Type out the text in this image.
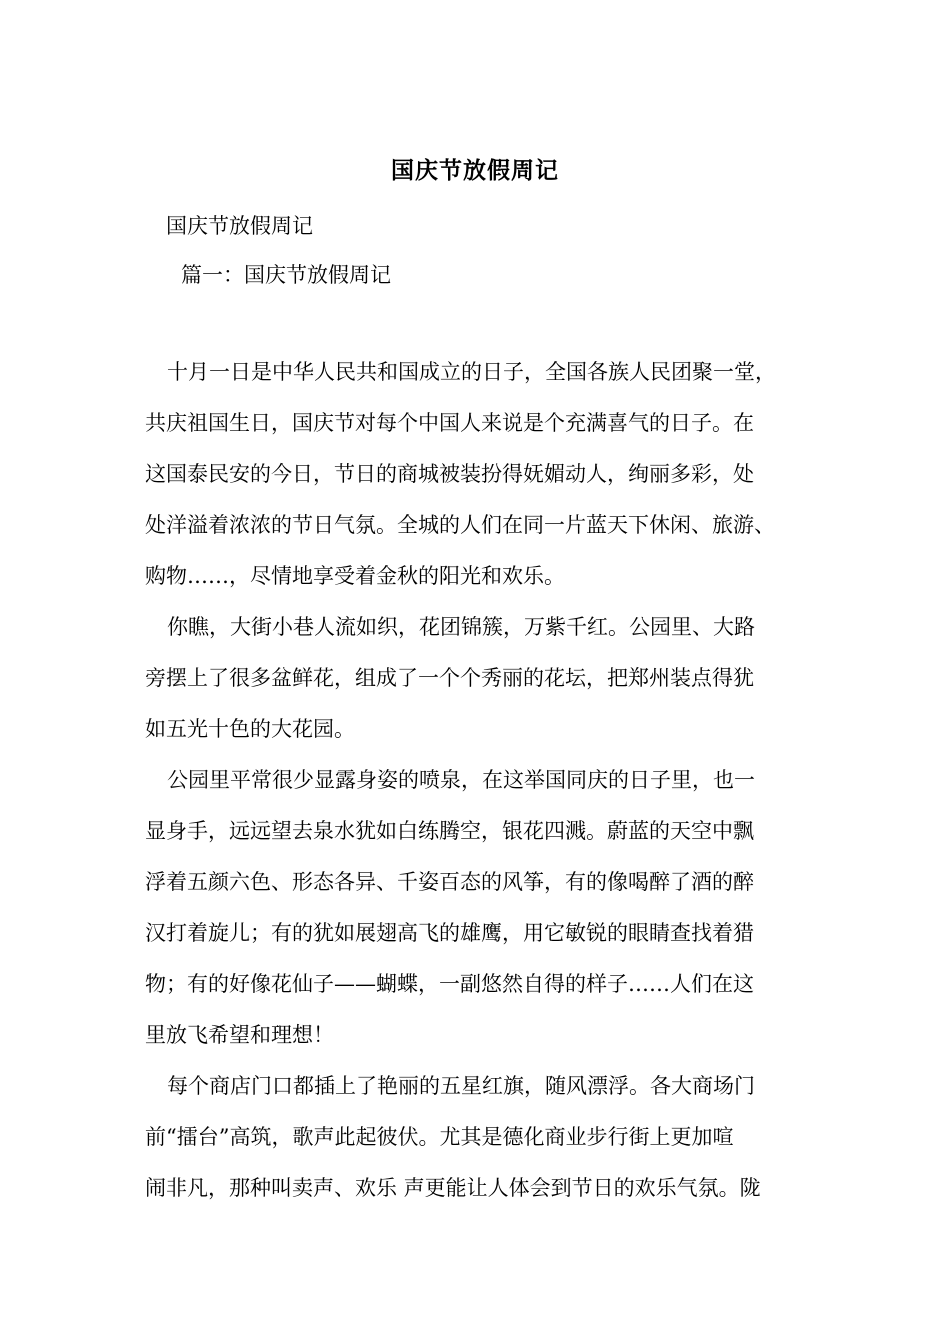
国庆节放假周记
国庆节放假周记
篇一：国庆节放假周记
十月一日是中华人民共和国成立的日子，全国各族人民团聚一堂，
共庆祖国生日，国庆节对每个中国人来说是个充满喜气的日子。在
这国泰民安的今日，节日的商城被装扮得妩媚动人，绚丽多彩，处
处洋溢着浓浓的节日气氛。全城的人们在同一片蓝天下休闲、旅游、
购物……，尽情地享受着金秋的阳光和欢乐。
你瞧，大街小巷人流如织，花团锦簇，万紫千红。公园里、大路
旁摆上了很多盆鲜花，组成了一个个秀丽的花坛，把郑州装点得犹
如五光十色的大花园。
公园里平常很少显露身姿的喷泉，在这举国同庆的日子里，也一
显身手，远远望去泉水犹如白练腾空，银花四溅。蔚蓝的天空中飘
浮着五颜六色、形态各异、千姿百态的风筝，有的像喝醉了酒的醉
汉打着旋儿；有的犹如展翅高飞的雄鹰，用它敏锐的眼睛查找着猎
物；有的好像花仙子——蝴蝶，一副悠然自得的样子……人们在这
里放飞希望和理想！
每个商店门口都插上了艳丽的五星红旗，随风漂浮。各大商场门
前“擂台”高筑，歌声此起彼伏。尤其是德化商业步行街上更加喧
闹非凡，那种叫卖声、欢乐 声更能让人体会到节日的欢乐气氛。陇
